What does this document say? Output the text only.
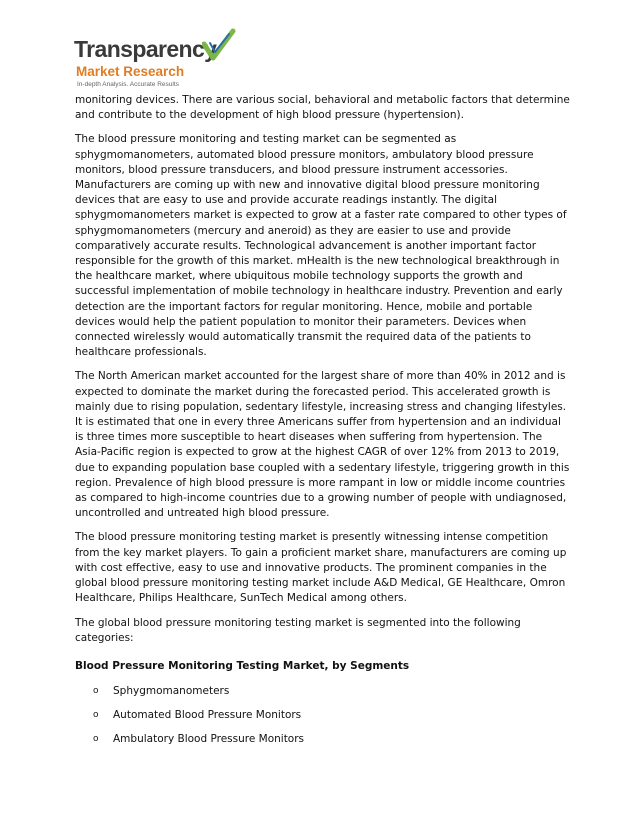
Transparency
Market Research
In-depth Analysis. Accurate Results

monitoring devices. There are various social, behavioral and metabolic factors that determine and contribute to the development of high blood pressure (hypertension).

The blood pressure monitoring and testing market can be segmented as sphygmomanometers, automated blood pressure monitors, ambulatory blood pressure monitors, blood pressure transducers, and blood pressure instrument accessories. Manufacturers are coming up with new and innovative digital blood pressure monitoring devices that are easy to use and provide accurate readings instantly. The digital sphygmomanometers market is expected to grow at a faster rate compared to other types of sphygmomanometers (mercury and aneroid) as they are easier to use and provide comparatively accurate results. Technological advancement is another important factor responsible for the growth of this market. mHealth is the new technological breakthrough in the healthcare market, where ubiquitous mobile technology supports the growth and successful implementation of mobile technology in healthcare industry. Prevention and early detection are the important factors for regular monitoring. Hence, mobile and portable devices would help the patient population to monitor their parameters. Devices when connected wirelessly would automatically transmit the required data of the patients to healthcare professionals.

The North American market accounted for the largest share of more than 40% in 2012 and is expected to dominate the market during the forecasted period. This accelerated growth is mainly due to rising population, sedentary lifestyle, increasing stress and changing lifestyles. It is estimated that one in every three Americans suffer from hypertension and an individual is three times more susceptible to heart diseases when suffering from hypertension. The Asia-Pacific region is expected to grow at the highest CAGR of over 12% from 2013 to 2019, due to expanding population base coupled with a sedentary lifestyle, triggering growth in this region. Prevalence of high blood pressure is more rampant in low or middle income countries as compared to high-income countries due to a growing number of people with undiagnosed, uncontrolled and untreated high blood pressure.

The blood pressure monitoring testing market is presently witnessing intense competition from the key market players. To gain a proficient market share, manufacturers are coming up with cost effective, easy to use and innovative products. The prominent companies in the global blood pressure monitoring testing market include A&D Medical, GE Healthcare, Omron Healthcare, Philips Healthcare, SunTech Medical among others.

The global blood pressure monitoring testing market is segmented into the following categories:

Blood Pressure Monitoring Testing Market, by Segments

o Sphygmomanometers
o Automated Blood Pressure Monitors
o Ambulatory Blood Pressure Monitors
